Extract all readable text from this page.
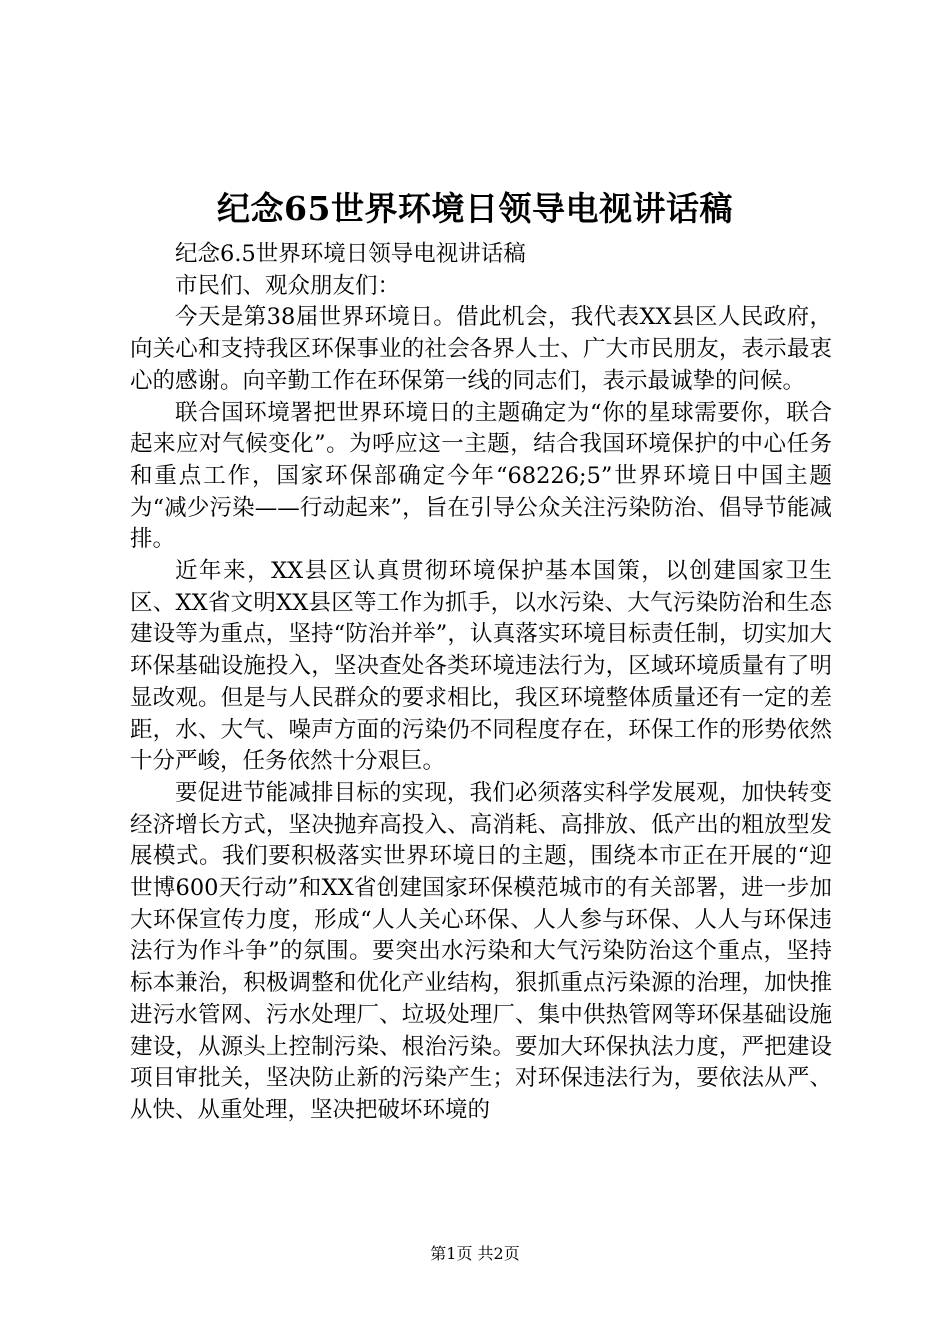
纪念65世界环境日领导电视讲话稿

纪念6.5世界环境日领导电视讲话稿

市民们、观众朋友们：

今天是第38届世界环境日。借此机会，我代表XX县区人民政府，向关心和支持我区环保事业的社会各界人士、广大市民朋友，表示最衷心的感谢。向辛勤工作在环保第一线的同志们，表示最诚挚的问候。

联合国环境署把世界环境日的主题确定为“你的星球需要你，联合起来应对气候变化”。为呼应这一主题，结合我国环境保护的中心任务和重点工作，国家环保部确定今年“68226;5”世界环境日中国主题为“减少污染——行动起来”，旨在引导公众关注污染防治、倡导节能减排。

近年来，XX县区认真贯彻环境保护基本国策，以创建国家卫生区、XX省文明XX县区等工作为抓手，以水污染、大气污染防治和生态建设等为重点，坚持“防治并举”，认真落实环境目标责任制，切实加大环保基础设施投入，坚决查处各类环境违法行为，区域环境质量有了明显改观。但是与人民群众的要求相比，我区环境整体质量还有一定的差距，水、大气、噪声方面的污染仍不同程度存在，环保工作的形势依然十分严峻，任务依然十分艰巨。

要促进节能减排目标的实现，我们必须落实科学发展观，加快转变经济增长方式，坚决抛弃高投入、高消耗、高排放、低产出的粗放型发展模式。我们要积极落实世界环境日的主题，围绕本市正在开展的“迎世博600天行动”和XX省创建国家环保模范城市的有关部署，进一步加大环保宣传力度，形成“人人关心环保、人人参与环保、人人与环保违法行为作斗争”的氛围。要突出水污染和大气污染防治这个重点，坚持标本兼治，积极调整和优化产业结构，狠抓重点污染源的治理，加快推进污水管网、污水处理厂、垃圾处理厂、集中供热管网等环保基础设施建设，从源头上控制污染、根治污染。要加大环保执法力度，严把建设项目审批关，坚决防止新的污染产生；对环保违法行为，要依法从严、从快、从重处理，坚决把破坏环境的

第1页 共2页
